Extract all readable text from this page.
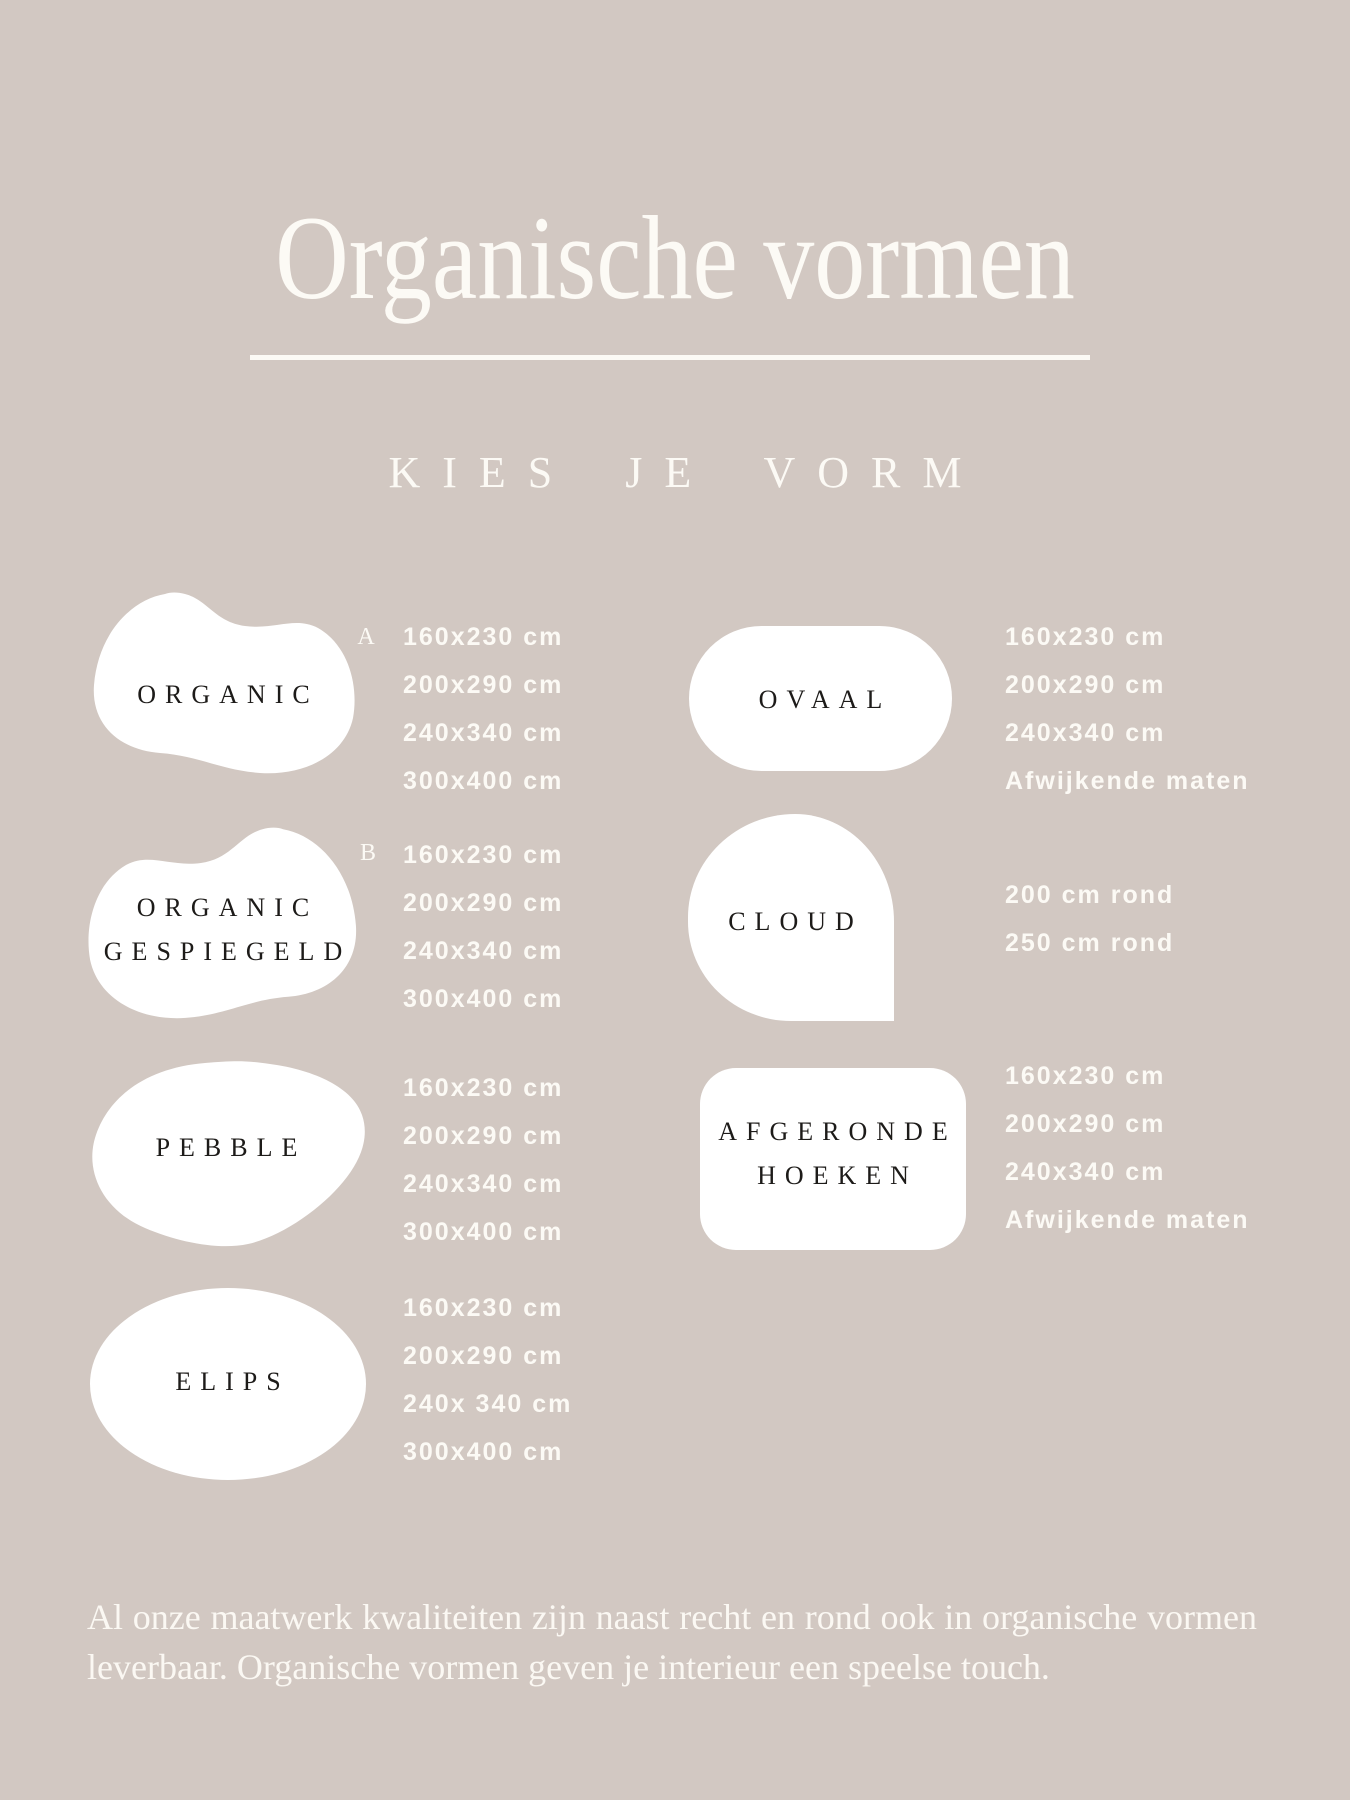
Organische vormen
KIES JE VORM
ORGANIC
A 160x230 cm
200x290 cm
240x340 cm
300x400 cm
ORGANIC
GESPIEGELD
B	160x230 cm
200x290 cm
240x340 cm
300x400 cm
PEBBLE
160x230 cm
200x290 cm
240x340 cm
300x400 cm
ELIPS
160x230 cm
200x290 cm
240x 340 cm
300x400 cm
OVAAL
160x230 cm
200x290 cm
240x340 cm
Afwijkende maten
CLOUD
200 cm rond
250 cm rond
AFGERONDE
HOEKEN
160x230 cm
200x290 cm
240x340 cm
Afwijkende maten
Al onze maatwerk kwaliteiten zijn naast recht en rond ook in organische vormen leverbaar. Organische vormen geven je interieur een speelse touch.
